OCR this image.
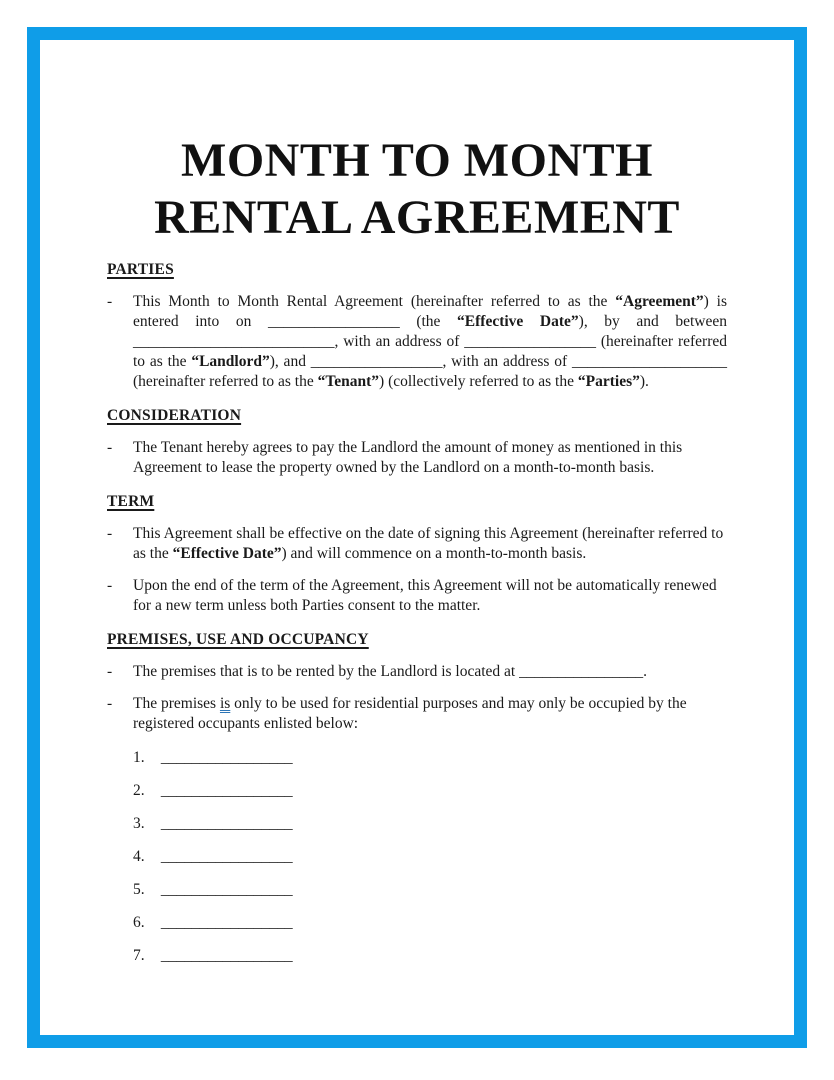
MONTH TO MONTH
RENTAL AGREEMENT
PARTIES
-	This Month to Month Rental Agreement (hereinafter referred to as the “Agreement”) is entered into on _________________ (the “Effective Date”), by and between __________________________, with an address of _________________ (hereinafter referred to as the “Landlord”), and _________________, with an address of ____________________ (hereinafter referred to as the “Tenant”) (collectively referred to as the “Parties”).

CONSIDERATION
-	The Tenant hereby agrees to pay the Landlord the amount of money as mentioned in this Agreement to lease the property owned by the Landlord on a month-to-month basis.

TERM
-	This Agreement shall be effective on the date of signing this Agreement (hereinafter referred to as the “Effective Date”) and will commence on a month-to-month basis.

-	Upon the end of the term of the Agreement, this Agreement will not be automatically renewed for a new term unless both Parties consent to the matter.

PREMISES, USE AND OCCUPANCY
-	The premises that is to be rented by the Landlord is located at ________________.

-	The premises is only to be used for residential purposes and may only be occupied by the registered occupants enlisted below:

1. _________________
2. _________________
3. _________________
4. _________________
5. _________________
6. _________________
7. _________________
